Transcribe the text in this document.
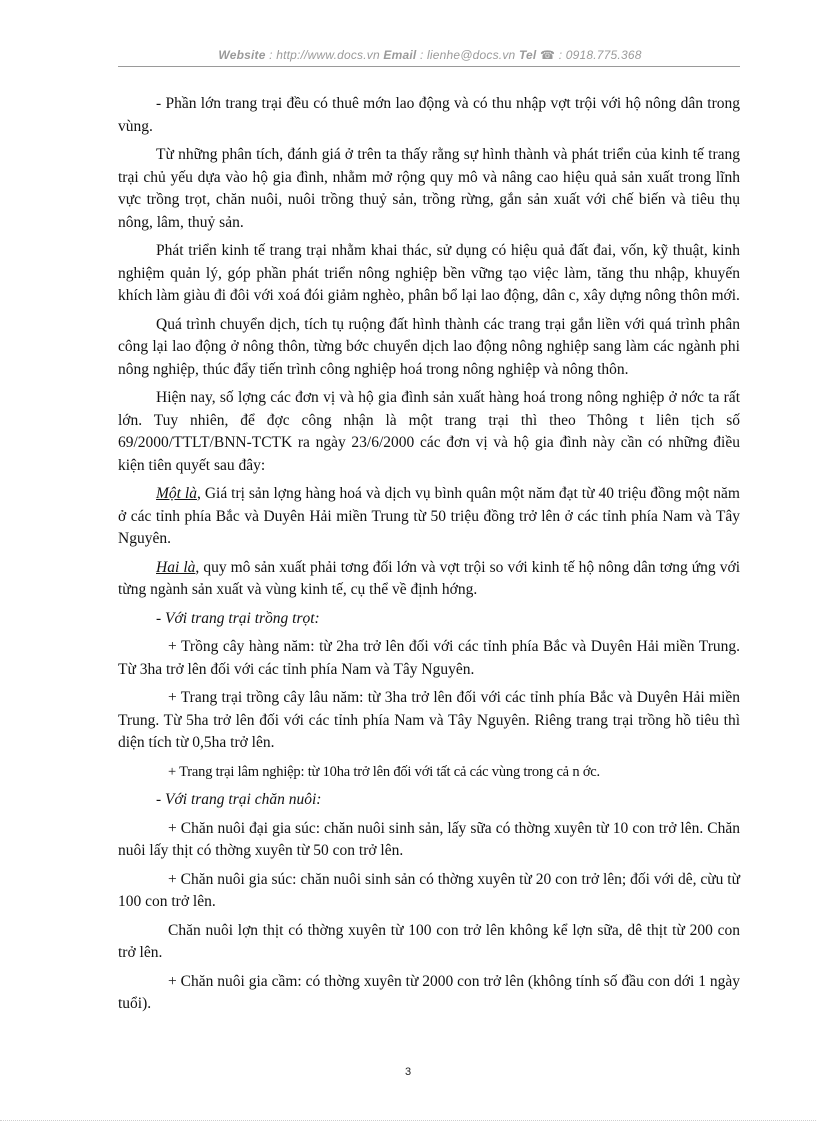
Website : http://www.docs.vn Email : lienhe@docs.vn Tel ☎ : 0918.775.368

- Phần lớn trang trại đều có thuê mớn lao động và có thu nhập vợt trội với hộ nông dân trong vùng.

Từ những phân tích, đánh giá ở trên ta thấy rằng sự hình thành và phát triển của kinh tế trang trại chủ yếu dựa vào hộ gia đình, nhằm mở rộng quy mô và nâng cao hiệu quả sản xuất trong lĩnh vực trồng trọt, chăn nuôi, nuôi trồng thuỷ sản, trồng rừng, gắn sản xuất với chế biến và tiêu thụ nông, lâm, thuỷ sản.

Phát triển kinh tế trang trại nhằm khai thác, sử dụng có hiệu quả đất đai, vốn, kỹ thuật, kinh nghiệm quản lý, góp phần phát triển nông nghiệp bền vững tạo việc làm, tăng thu nhập, khuyến khích làm giàu đi đôi với xoá đói giảm nghèo, phân bổ lại lao động, dân c, xây dựng nông thôn mới.

Quá trình chuyển dịch, tích tụ ruộng đất hình thành các trang trại gắn liền với quá trình phân công lại lao động ở nông thôn, từng bớc chuyển dịch lao động nông nghiệp sang làm các ngành phi nông nghiệp, thúc đẩy tiến trình công nghiệp hoá trong nông nghiệp và nông thôn.

Hiện nay, số lợng các đơn vị và hộ gia đình sản xuất hàng hoá trong nông nghiệp ở nớc ta rất lớn. Tuy nhiên, để đợc công nhận là một trang trại thì theo Thông t liên tịch số 69/2000/TTLT/BNN-TCTK ra ngày 23/6/2000 các đơn vị và hộ gia đình này cần có những điều kiện tiên quyết sau đây:

Một là, Giá trị sản lợng hàng hoá và dịch vụ bình quân một năm đạt từ 40 triệu đồng một năm ở các tỉnh phía Bắc và Duyên Hải miền Trung từ 50 triệu đồng trở lên ở các tỉnh phía Nam và Tây Nguyên.

Hai là, quy mô sản xuất phải tơng đối lớn và vợt trội so với kinh tế hộ nông dân tơng ứng với từng ngành sản xuất và vùng kinh tế, cụ thể về định hớng.

- Với trang trại trồng trọt:

+ Trồng cây hàng năm: từ 2ha trở lên đối với các tỉnh phía Bắc và Duyên Hải miền Trung. Từ 3ha trở lên đối với các tỉnh phía Nam và Tây Nguyên.

+ Trang trại trồng cây lâu năm: từ 3ha trở lên đối với các tỉnh phía Bắc và Duyên Hải miền Trung. Từ 5ha trở lên đối với các tỉnh phía Nam và Tây Nguyên. Riêng trang trại trồng hồ tiêu thì diện tích từ 0,5ha trở lên.

+ Trang trại lâm nghiệp: từ 10ha trở lên đối với tất cả các vùng trong cả n ớc.

- Với trang trại chăn nuôi:

+ Chăn nuôi đại gia súc: chăn nuôi sinh sản, lấy sữa có thờng xuyên từ 10 con trở lên. Chăn nuôi lấy thịt có thờng xuyên từ 50 con trở lên.

+ Chăn nuôi gia súc: chăn nuôi sinh sản có thờng xuyên từ 20 con trở lên; đối với dê, cừu từ 100 con trở lên.

Chăn nuôi lợn thịt có thờng xuyên từ 100 con trở lên không kể lợn sữa, dê thịt từ 200 con trở lên.

+ Chăn nuôi gia cầm: có thờng xuyên từ 2000 con trở lên (không tính số đầu con dới 1 ngày tuổi).

3
